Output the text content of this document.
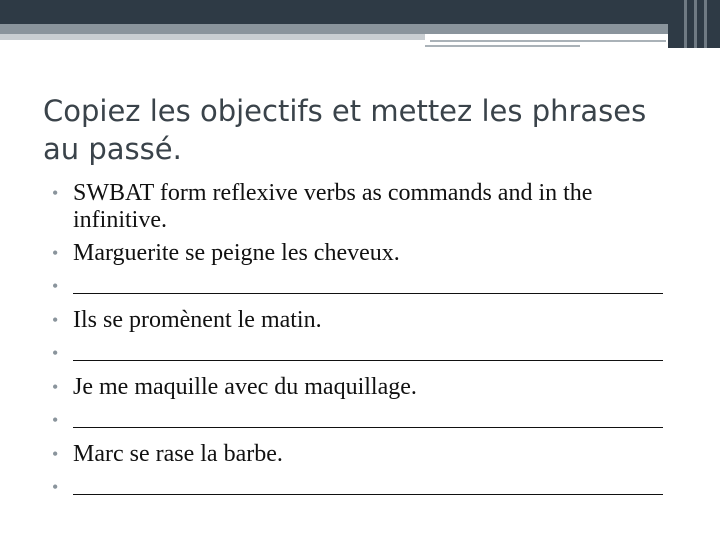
Copiez les objectifs et mettez les phrases au passé.
• SWBAT form reflexive verbs as commands and in the infinitive.
• Marguerite se peigne les cheveux.
•
• Ils se promènent le matin.
•
• Je me maquille avec du maquillage.
•
• Marc se rase la barbe.
•
